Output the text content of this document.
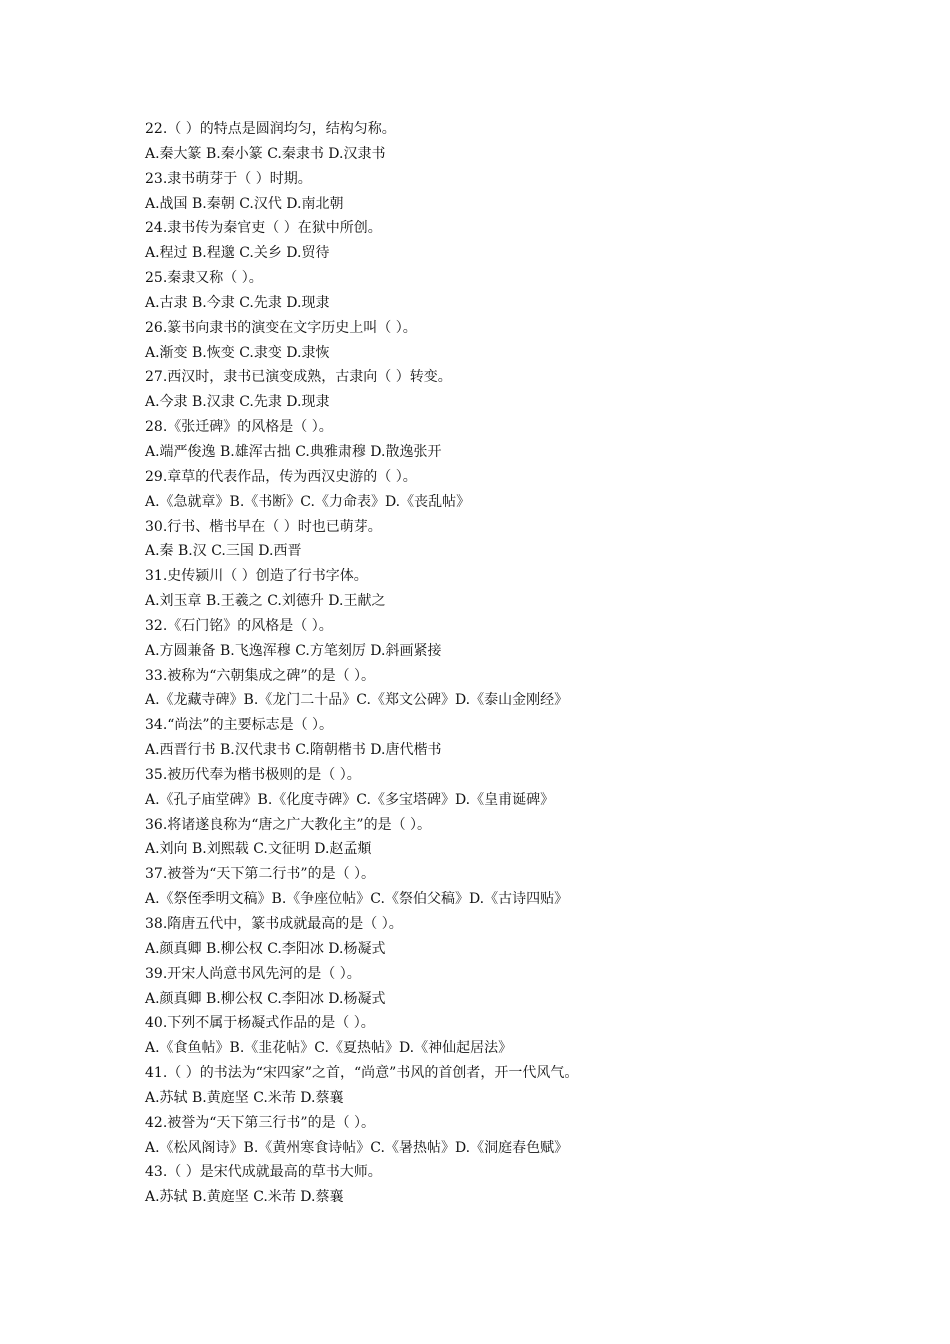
22.（ ）的特点是圆润均匀，结构匀称。

A.秦大篆 B.秦小篆 C.秦隶书 D.汉隶书

23.隶书萌芽于（ ）时期。

A.战国 B.秦朝 C.汉代 D.南北朝

24.隶书传为秦官吏（ ）在狱中所创。

A.程过 B.程邈 C.关乡 D.贸待

25.秦隶又称（ ）。

A.古隶 B.今隶 C.先隶 D.现隶

26.篆书向隶书的演变在文字历史上叫（ ）。

A.渐变 B.恢变 C.隶变 D.隶恢

27.西汉时，隶书已演变成熟，古隶向（ ）转变。

A.今隶 B.汉隶 C.先隶 D.现隶

28.《张迁碑》的风格是（ ）。

A.端严俊逸 B.雄浑古拙 C.典雅肃穆 D.散逸张开

29.章草的代表作品，传为西汉史游的（ ）。

A.《急就章》B.《书断》C.《力命表》D.《丧乱帖》

30.行书、楷书早在（ ）时也已萌芽。

A.秦 B.汉 C.三国 D.西晋

31.史传颍川（ ）创造了行书字体。

A.刘玉章 B.王羲之 C.刘德升 D.王献之

32.《石门铭》的风格是（ ）。

A.方圆兼备 B.飞逸浑穆 C.方笔刻厉 D.斜画紧接

33.被称为“六朝集成之碑”的是（ ）。

A.《龙藏寺碑》B.《龙门二十品》C.《郑文公碑》D.《泰山金刚经》

34.“尚法”的主要标志是（ ）。

A.西晋行书 B.汉代隶书 C.隋朝楷书 D.唐代楷书

35.被历代奉为楷书极则的是（ ）。

A.《孔子庙堂碑》B.《化度寺碑》C.《多宝塔碑》D.《皇甫诞碑》

36.将诸遂良称为“唐之广大教化主”的是（ ）。

A.刘向 B.刘熙载 C.文征明 D.赵孟頫

37.被誉为“天下第二行书”的是（ ）。

A.《祭侄季明文稿》B.《争座位帖》C.《祭伯父稿》D.《古诗四贴》

38.隋唐五代中，篆书成就最高的是（ ）。

A.颜真卿 B.柳公权 C.李阳冰 D.杨凝式

39.开宋人尚意书风先河的是（ ）。

A.颜真卿 B.柳公权 C.李阳冰 D.杨凝式

40.下列不属于杨凝式作品的是（ ）。

A.《食鱼帖》B.《韭花帖》C.《夏热帖》D.《神仙起居法》

41.（ ）的书法为“宋四家”之首，“尚意”书风的首创者，开一代风气。

A.苏轼 B.黄庭坚 C.米芾 D.蔡襄

42.被誉为“天下第三行书”的是（ ）。

A.《松风阁诗》B.《黄州寒食诗帖》C.《暑热帖》D.《洞庭春色赋》

43.（ ）是宋代成就最高的草书大师。

A.苏轼 B.黄庭坚 C.米芾 D.蔡襄
